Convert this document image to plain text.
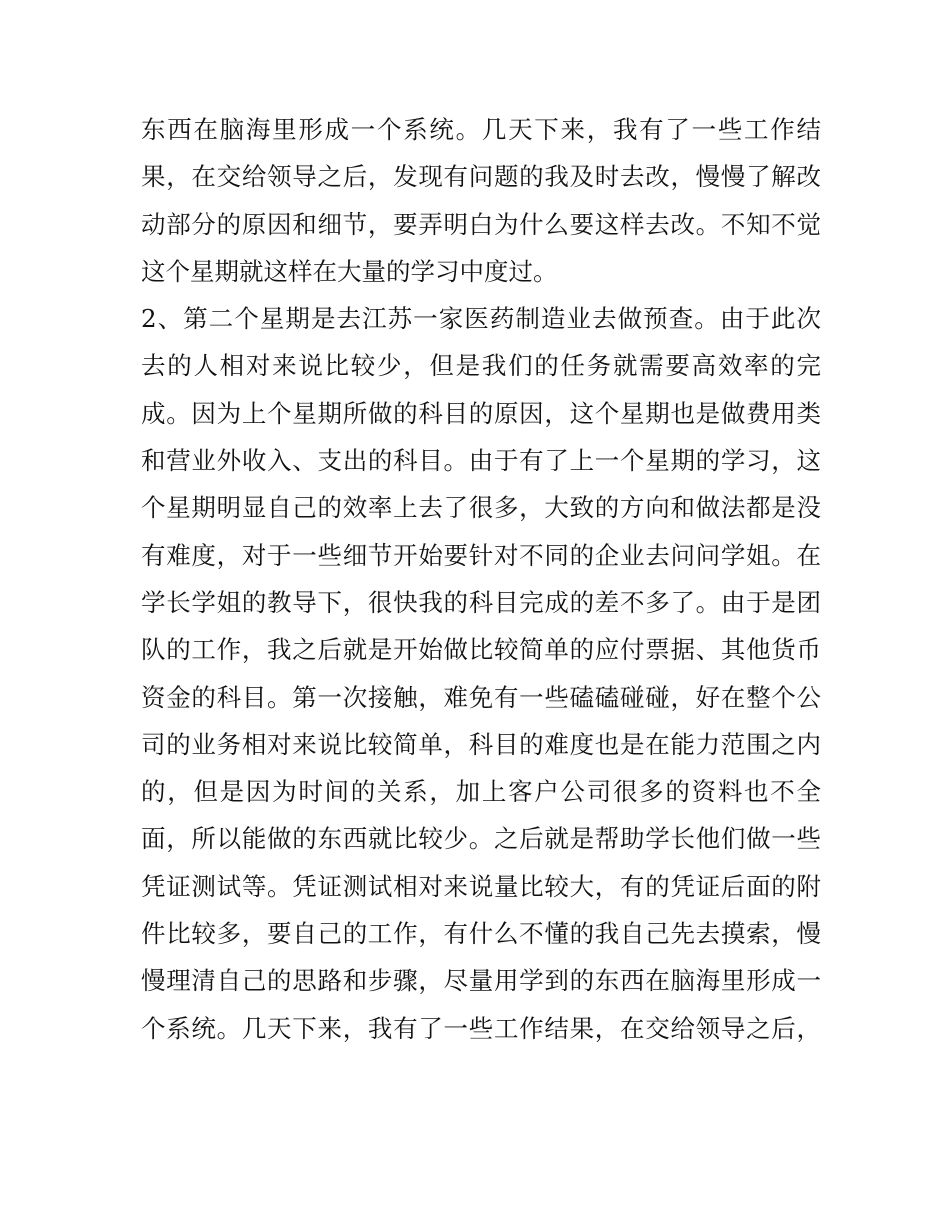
东西在脑海里形成一个系统。几天下来，我有了一些工作结
果，在交给领导之后，发现有问题的我及时去改，慢慢了解改
动部分的原因和细节，要弄明白为什么要这样去改。不知不觉
这个星期就这样在大量的学习中度过。
2、第二个星期是去江苏一家医药制造业去做预查。由于此次
去的人相对来说比较少，但是我们的任务就需要高效率的完
成。因为上个星期所做的科目的原因，这个星期也是做费用类
和营业外收入、支出的科目。由于有了上一个星期的学习，这
个星期明显自己的效率上去了很多，大致的方向和做法都是没
有难度，对于一些细节开始要针对不同的企业去问问学姐。在
学长学姐的教导下，很快我的科目完成的差不多了。由于是团
队的工作，我之后就是开始做比较简单的应付票据、其他货币
资金的科目。第一次接触，难免有一些磕磕碰碰，好在整个公
司的业务相对来说比较简单，科目的难度也是在能力范围之内
的，但是因为时间的关系，加上客户公司很多的资料也不全
面，所以能做的东西就比较少。之后就是帮助学长他们做一些
凭证测试等。凭证测试相对来说量比较大，有的凭证后面的附
件比较多，要自己的工作，有什么不懂的我自己先去摸索，慢
慢理清自己的思路和步骤，尽量用学到的东西在脑海里形成一
个系统。几天下来，我有了一些工作结果，在交给领导之后，
